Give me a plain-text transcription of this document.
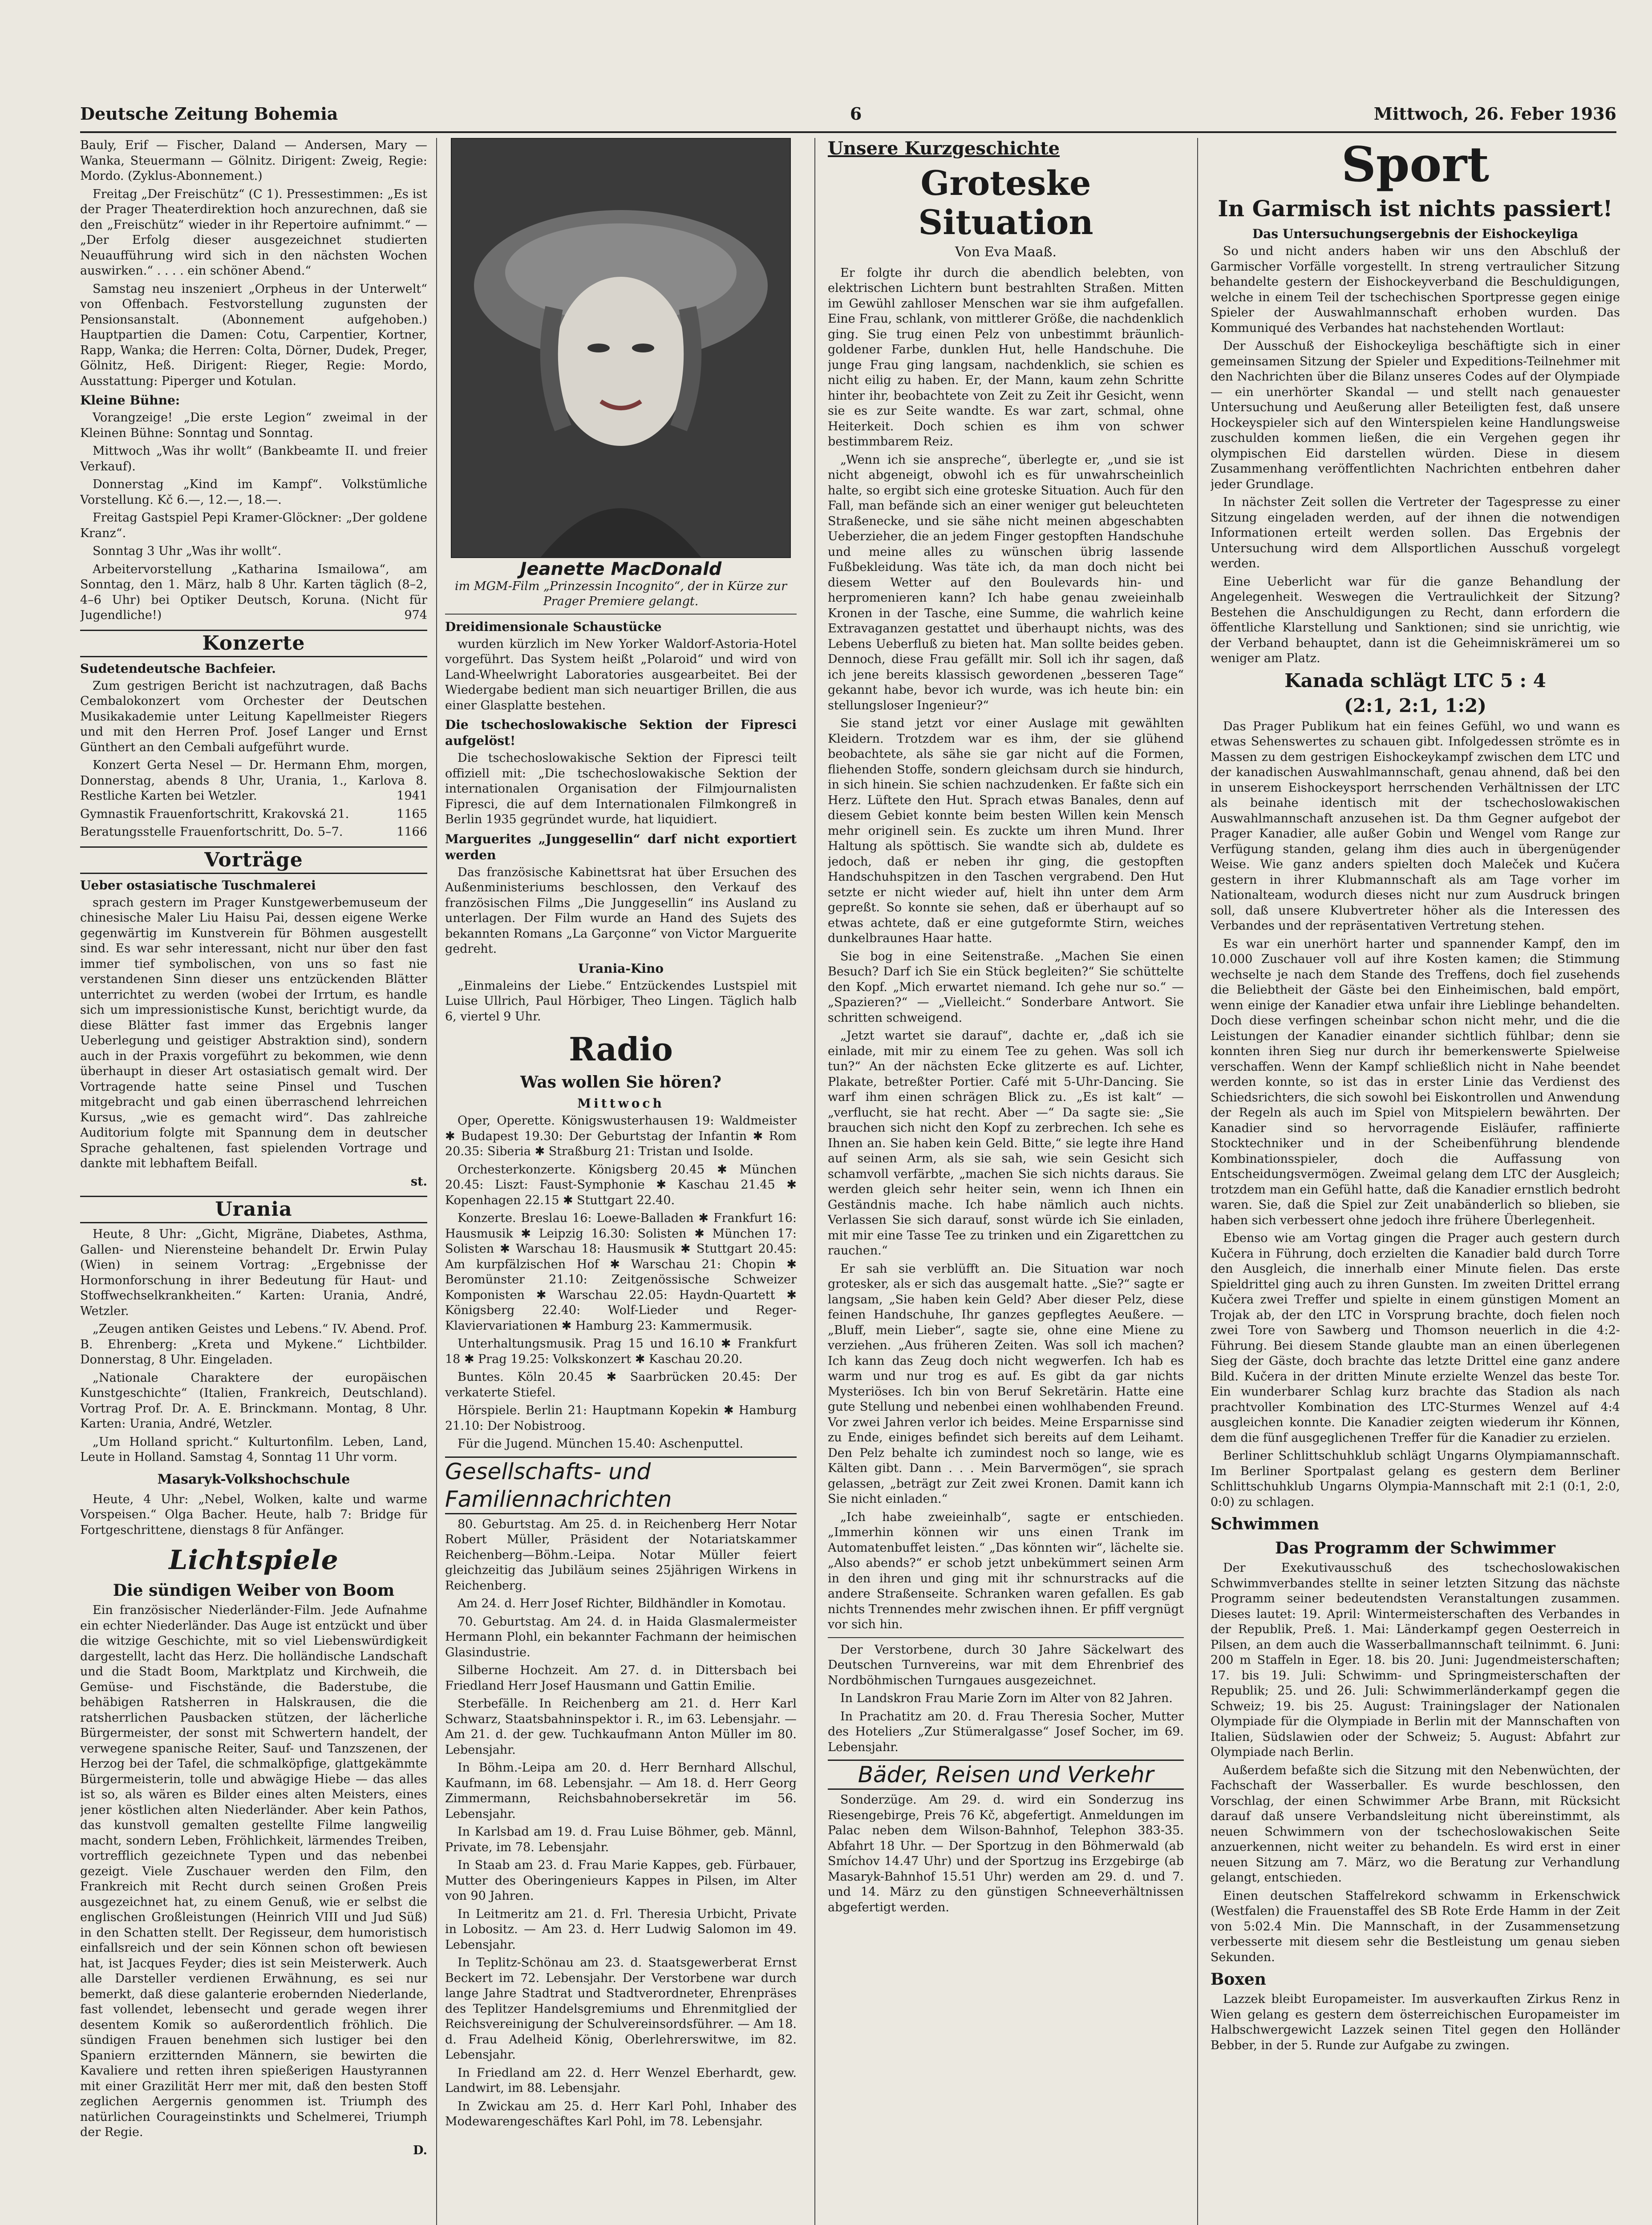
Deutsche Zeitung Bohemia	6	Mittwoch, 26. Feber 1936

Bauly, Erif — Fischer, Daland — Andersen, Mary — Wanka, Steuermann — Gölnitz. Dirigent: Zweig, Regie: Mordo. (Zyklus-Abonnement.)

Freitag „Der Freischütz“ (C 1). Pressestimmen: „Es ist der Prager Theaterdirektion hoch anzurechnen, daß sie den „Freischütz“ wieder in ihr Repertoire aufnimmt.“ — „Der Erfolg dieser ausgezeichnet studierten Neuaufführung wird sich in den nächsten Wochen auswirken.“ . . . . ein schöner Abend.“

Samstag neu inszeniert „Orpheus in der Unterwelt“ von Offenbach. Festvorstellung zugunsten der Pensionsanstalt. (Abonnement aufgehoben.) Hauptpartien die Damen: Cotu, Carpentier, Kortner, Rapp, Wanka; die Herren: Colta, Dörner, Dudek, Preger, Gölnitz, Heß. Dirigent: Rieger, Regie: Mordo, Ausstattung: Piperger und Kotulan.

Kleine Bühne:

Vorangzeige! „Die erste Legion“ zweimal in der Kleinen Bühne: Sonntag und Sonntag.

Mittwoch „Was ihr wollt“ (Bankbeamte II. und freier Verkauf).

Donnerstag „Kind im Kampf“. Volkstümliche Vorstellung. Kč 6.—, 12.—, 18.—.

Freitag Gastspiel Pepi Kramer-Glöckner: „Der goldene Kranz“.

Sonntag 3 Uhr „Was ihr wollt“.

Arbeitervorstellung „Katharina Ismailowa“, am Sonntag, den 1. März, halb 8 Uhr. Karten täglich (8–2, 4–6 Uhr) bei Optiker Deutsch, Koruna. (Nicht für Jugendliche!)	974

Konzerte
Sudetendeutsche Bachfeier.

Zum gestrigen Bericht ist nachzutragen, daß Bachs Cembalokonzert vom Orchester der Deutschen Musikakademie unter Leitung Kapellmeister Riegers und mit den Herren Prof. Josef Langer und Ernst Günthert an den Cembali aufgeführt wurde.

Konzert Gerta Nesel — Dr. Hermann Ehm, morgen, Donnerstag, abends 8 Uhr, Urania, 1., Karlova 8. Restliche Karten bei Wetzler.	1941

Gymnastik Frauenfortschritt, Krakovská 21.	1165

Beratungsstelle Frauenfortschritt, Do. 5–7.	1166

Vorträge
Ueber ostasiatische Tuschmalerei

sprach gestern im Prager Kunstgewerbemuseum der chinesische Maler Liu Haisu Pai, dessen eigene Werke gegenwärtig im Kunstverein für Böhmen ausgestellt sind. Es war sehr interessant, nicht nur über den fast immer tief symbolischen, von uns so fast nie verstandenen Sinn dieser uns entzückenden Blätter unterrichtet zu werden (wobei der Irrtum, es handle sich um impressionistische Kunst, berichtigt wurde, da diese Blätter fast immer das Ergebnis langer Ueberlegung und geistiger Abstraktion sind), sondern auch in der Praxis vorgeführt zu bekommen, wie denn überhaupt in dieser Art ostasiatisch gemalt wird. Der Vortragende hatte seine Pinsel und Tuschen mitgebracht und gab einen überraschend lehrreichen Kursus, „wie es gemacht wird“. Das zahlreiche Auditorium folgte mit Spannung dem in deutscher Sprache gehaltenen, fast spielenden Vortrage und dankte mit lebhaftem Beifall.

st.
Urania

Heute, 8 Uhr: „Gicht, Migräne, Diabetes, Asthma, Gallen- und Nierensteine behandelt Dr. Erwin Pulay (Wien) in seinem Vortrag: „Ergebnisse der Hormonforschung in ihrer Bedeutung für Haut- und Stoffwechselkrankheiten.“ Karten: Urania, André, Wetzler.

„Zeugen antiken Geistes und Lebens.“ IV. Abend. Prof. B. Ehrenberg: „Kreta und Mykene.“ Lichtbilder. Donnerstag, 8 Uhr. Eingeladen.

„Nationale Charaktere der europäischen Kunstgeschichte“ (Italien, Frankreich, Deutschland). Vortrag Prof. Dr. A. E. Brinckmann. Montag, 8 Uhr. Karten: Urania, André, Wetzler.

„Um Holland spricht.“ Kulturtonfilm. Leben, Land, Leute in Holland. Samstag 4, Sonntag 11 Uhr vorm.

Masaryk-Volkshochschule

Heute, 4 Uhr: „Nebel, Wolken, kalte und warme Vorspeisen.“ Olga Bacher. Heute, halb 7: Bridge für Fortgeschrittene, dienstags 8 für Anfänger.

Lichtspiele
Die sündigen Weiber von Boom

Ein französischer Niederländer-Film. Jede Aufnahme ein echter Niederländer. Das Auge ist entzückt und über die witzige Geschichte, mit so viel Liebenswürdigkeit dargestellt, lacht das Herz. Die holländische Landschaft und die Stadt Boom, Marktplatz und Kirchweih, die Gemüse- und Fischstände, die Baderstube, die behäbigen Ratsherren in Halskrausen, die die ratsherrlichen Pausbacken stützen, der lächerliche Bürgermeister, der sonst mit Schwertern handelt, der verwegene spanische Reiter, Sauf- und Tanzszenen, der Herzog bei der Tafel, die schmalköpfige, glattgekämmte Bürgermeisterin, tolle und abwägige Hiebe — das alles ist so, als wären es Bilder eines alten Meisters, eines jener köstlichen alten Niederländer. Aber kein Pathos, das kunstvoll gemalten gestellte Filme langweilig macht, sondern Leben, Fröhlichkeit, lärmendes Treiben, vortrefflich gezeichnete Typen und das nebenbei gezeigt. Viele Zuschauer werden den Film, den Frankreich mit Recht durch seinen Großen Preis ausgezeichnet hat, zu einem Genuß, wie er selbst die englischen Großleistungen (Heinrich VIII und Jud Süß) in den Schatten stellt. Der Regisseur, dem humoristisch einfallsreich und der sein Können schon oft bewiesen hat, ist Jacques Feyder; dies ist sein Meisterwerk. Auch alle Darsteller verdienen Erwähnung, es sei nur bemerkt, daß diese galanterie erobernden Niederlande, fast vollendet, lebensecht und gerade wegen ihrer desentem Komik so außerordentlich fröhlich. Die sündigen Frauen benehmen sich lustiger bei den Spaniern erzitternden Männern, sie bewirten die Kavaliere und retten ihren spießerigen Haustyrannen mit einer Grazilität Herr mer mit, daß den besten Stoff zeglichen Aergernis genommen ist. Triumph des natürlichen Courageinstinkts und Schelmerei, Triumph der Regie.

D.
Jeanette MacDonald
im MGM-Film „Prinzessin Incognito“, der in Kürze zur Prager Premiere gelangt.
Dreidimensionale Schaustücke

wurden kürzlich im New Yorker Waldorf-Astoria-Hotel vorgeführt. Das System heißt „Polaroid“ und wird von Land-Wheelwright Laboratories ausgearbeitet. Bei der Wiedergabe bedient man sich neuartiger Brillen, die aus einer Glasplatte bestehen.

Die tschechoslowakische Sektion der Fipresci aufgelöst!

Die tschechoslowakische Sektion der Fipresci teilt offiziell mit: „Die tschechoslowakische Sektion der internationalen Organisation der Filmjournalisten Fipresci, die auf dem Internationalen Filmkongreß in Berlin 1935 gegründet wurde, hat liquidiert.

Marguerites „Junggesellin“ darf nicht exportiert werden

Das französische Kabinettsrat hat über Ersuchen des Außenministeriums beschlossen, den Verkauf des französischen Films „Die Junggesellin“ ins Ausland zu unterlagen. Der Film wurde an Hand des Sujets des bekannten Romans „La Garçonne“ von Victor Marguerite gedreht.

Urania-Kino

„Einmaleins der Liebe.“ Entzückendes Lustspiel mit Luise Ullrich, Paul Hörbiger, Theo Lingen. Täglich halb 6, viertel 9 Uhr.

Radio
Was wollen Sie hören?
Mittwoch

Oper, Operette. Königswusterhausen 19: Waldmeister ✱ Budapest 19.30: Der Geburtstag der Infantin ✱ Rom 20.35: Siberia ✱ Straßburg 21: Tristan und Isolde.

Orchesterkonzerte. Königsberg 20.45 ✱ München 20.45: Liszt: Faust-Symphonie ✱ Kaschau 21.45 ✱ Kopenhagen 22.15 ✱ Stuttgart 22.40.

Konzerte. Breslau 16: Loewe-Balladen ✱ Frankfurt 16: Hausmusik ✱ Leipzig 16.30: Solisten ✱ München 17: Solisten ✱ Warschau 18: Hausmusik ✱ Stuttgart 20.45: Am kurpfälzischen Hof ✱ Warschau 21: Chopin ✱ Beromünster 21.10: Zeitgenössische Schweizer Komponisten ✱ Warschau 22.05: Haydn-Quartett ✱ Königsberg 22.40: Wolf-Lieder und Reger-Klaviervariationen ✱ Hamburg 23: Kammermusik.

Unterhaltungsmusik. Prag 15 und 16.10 ✱ Frankfurt 18 ✱ Prag 19.25: Volkskonzert ✱ Kaschau 20.20.

Buntes. Köln 20.45 ✱ Saarbrücken 20.45: Der verkaterte Stiefel.

Hörspiele. Berlin 21: Hauptmann Kopekin ✱ Hamburg 21.10: Der Nobistroog.

Für die Jugend. München 15.40: Aschenputtel.

Gesellschafts- und Familiennachrichten

80. Geburtstag. Am 25. d. in Reichenberg Herr Notar Robert Müller, Präsident der Notariatskammer Reichenberg—Böhm.-Leipa. Notar Müller feiert gleichzeitig das Jubiläum seines 25jährigen Wirkens in Reichenberg.

Am 24. d. Herr Josef Richter, Bildhändler in Komotau.

70. Geburtstag. Am 24. d. in Haida Glasmalermeister Hermann Plohl, ein bekannter Fachmann der heimischen Glasindustrie.

Silberne Hochzeit. Am 27. d. in Dittersbach bei Friedland Herr Josef Hausmann und Gattin Emilie.

Sterbefälle. In Reichenberg am 21. d. Herr Karl Schwarz, Staatsbahninspektor i. R., im 63. Lebensjahr. — Am 21. d. der gew. Tuchkaufmann Anton Müller im 80. Lebensjahr.

In Böhm.-Leipa am 20. d. Herr Bernhard Allschul, Kaufmann, im 68. Lebensjahr. — Am 18. d. Herr Georg Zimmermann, Reichsbahnobersekretär im 56. Lebensjahr.

In Karlsbad am 19. d. Frau Luise Böhmer, geb. Männl, Private, im 78. Lebensjahr.

In Staab am 23. d. Frau Marie Kappes, geb. Fürbauer, Mutter des Oberingenieurs Kappes in Pilsen, im Alter von 90 Jahren.

In Leitmeritz am 21. d. Frl. Theresia Urbicht, Private in Lobositz. — Am 23. d. Herr Ludwig Salomon im 49. Lebensjahr.

In Teplitz-Schönau am 23. d. Staatsgewerberat Ernst Beckert im 72. Lebensjahr. Der Verstorbene war durch lange Jahre Stadtrat und Stadtverordneter, Ehrenpräses des Teplitzer Handelsgremiums und Ehrenmitglied der Reichsvereinigung der Schulvereinsordsführer. — Am 18. d. Frau Adelheid König, Oberlehrerswitwe, im 82. Lebensjahr.

In Friedland am 22. d. Herr Wenzel Eberhardt, gew. Landwirt, im 88. Lebensjahr.

In Zwickau am 25. d. Herr Karl Pohl, Inhaber des Modewarengeschäftes Karl Pohl, im 78. Lebensjahr.

Unsere Kurzgeschichte
Groteske Situation
Von Eva Maaß.

Er folgte ihr durch die abendlich belebten, von elektrischen Lichtern bunt bestrahlten Straßen. Mitten im Gewühl zahlloser Menschen war sie ihm aufgefallen. Eine Frau, schlank, von mittlerer Größe, die nachdenklich ging. Sie trug einen Pelz von unbestimmt bräunlich-goldener Farbe, dunklen Hut, helle Handschuhe. Die junge Frau ging langsam, nachdenklich, sie schien es nicht eilig zu haben. Er, der Mann, kaum zehn Schritte hinter ihr, beobachtete von Zeit zu Zeit ihr Gesicht, wenn sie es zur Seite wandte. Es war zart, schmal, ohne Heiterkeit. Doch schien es ihm von schwer bestimmbarem Reiz.

„Wenn ich sie anspreche“, überlegte er, „und sie ist nicht abgeneigt, obwohl ich es für unwahrscheinlich halte, so ergibt sich eine groteske Situation. Auch für den Fall, man befände sich an einer weniger gut beleuchteten Straßenecke, und sie sähe nicht meinen abgeschabten Ueberzieher, die an jedem Finger gestopften Handschuhe und meine alles zu wünschen übrig lassende Fußbekleidung. Was täte ich, da man doch nicht bei diesem Wetter auf den Boulevards hin- und herpromenieren kann? Ich habe genau zweieinhalb Kronen in der Tasche, eine Summe, die wahrlich keine Extravaganzen gestattet und überhaupt nichts, was des Lebens Ueberfluß zu bieten hat. Man sollte beides geben. Dennoch, diese Frau gefällt mir. Soll ich ihr sagen, daß ich jene bereits klassisch gewordenen „besseren Tage“ gekannt habe, bevor ich wurde, was ich heute bin: ein stellungsloser Ingenieur?“

Sie stand jetzt vor einer Auslage mit gewählten Kleidern. Trotzdem war es ihm, der sie glühend beobachtete, als sähe sie gar nicht auf die Formen, fliehenden Stoffe, sondern gleichsam durch sie hindurch, in sich hinein. Sie schien nachzudenken. Er faßte sich ein Herz. Lüftete den Hut. Sprach etwas Banales, denn auf diesem Gebiet konnte beim besten Willen kein Mensch mehr originell sein. Es zuckte um ihren Mund. Ihrer Haltung als spöttisch. Sie wandte sich ab, duldete es jedoch, daß er neben ihr ging, die gestopften Handschuhspitzen in den Taschen vergrabend. Den Hut setzte er nicht wieder auf, hielt ihn unter dem Arm gepreßt. So konnte sie sehen, daß er überhaupt auf so etwas achtete, daß er eine gutgeformte Stirn, weiches dunkelbraunes Haar hatte.

Sie bog in eine Seitenstraße. „Machen Sie einen Besuch? Darf ich Sie ein Stück begleiten?“ Sie schüttelte den Kopf. „Mich erwartet niemand. Ich gehe nur so.“ — „Spazieren?“ — „Vielleicht.“ Sonderbare Antwort. Sie schritten schweigend.

„Jetzt wartet sie darauf“, dachte er, „daß ich sie einlade, mit mir zu einem Tee zu gehen. Was soll ich tun?“ An der nächsten Ecke glitzerte es auf. Lichter, Plakate, betreßter Portier. Café mit 5-Uhr-Dancing. Sie warf ihm einen schrägen Blick zu. „Es ist kalt“ — „verflucht, sie hat recht. Aber —“ Da sagte sie: „Sie brauchen sich nicht den Kopf zu zerbrechen. Ich sehe es Ihnen an. Sie haben kein Geld. Bitte,“ sie legte ihre Hand auf seinen Arm, als sie sah, wie sein Gesicht sich schamvoll verfärbte, „machen Sie sich nichts daraus. Sie werden gleich sehr heiter sein, wenn ich Ihnen ein Geständnis mache. Ich habe nämlich auch nichts. Verlassen Sie sich darauf, sonst würde ich Sie einladen, mit mir eine Tasse Tee zu trinken und ein Zigarettchen zu rauchen.“

Er sah sie verblüfft an. Die Situation war noch grotesker, als er sich das ausgemalt hatte. „Sie?“ sagte er langsam, „Sie haben kein Geld? Aber dieser Pelz, diese feinen Handschuhe, Ihr ganzes gepflegtes Aeußere. — „Bluff, mein Lieber“, sagte sie, ohne eine Miene zu verziehen. „Aus früheren Zeiten. Was soll ich machen? Ich kann das Zeug doch nicht wegwerfen. Ich hab es warm und nur trog es auf. Es gibt da gar nichts Mysteriöses. Ich bin von Beruf Sekretärin. Hatte eine gute Stellung und nebenbei einen wohlhabenden Freund. Vor zwei Jahren verlor ich beides. Meine Ersparnisse sind zu Ende, einiges befindet sich bereits auf dem Leihamt. Den Pelz behalte ich zumindest noch so lange, wie es Kälten gibt. Dann . . . Mein Barvermögen“, sie sprach gelassen, „beträgt zur Zeit zwei Kronen. Damit kann ich Sie nicht einladen.“

„Ich habe zweieinhalb“, sagte er entschieden. „Immerhin können wir uns einen Trank im Automatenbuffet leisten.“ „Das könnten wir“, lächelte sie. „Also abends?“ er schob jetzt unbekümmert seinen Arm in den ihren und ging mit ihr schnurstracks auf die andere Straßenseite. Schranken waren gefallen. Es gab nichts Trennendes mehr zwischen ihnen. Er pfiff vergnügt vor sich hin.

Der Verstorbene, durch 30 Jahre Säckelwart des Deutschen Turnvereins, war mit dem Ehrenbrief des Nordböhmischen Turngaues ausgezeichnet.

In Landskron Frau Marie Zorn im Alter von 82 Jahren.

In Prachatitz am 20. d. Frau Theresia Socher, Mutter des Hoteliers „Zur Stümeralgasse“ Josef Socher, im 69. Lebensjahr.

Bäder, Reisen und Verkehr

Sonderzüge. Am 29. d. wird ein Sonderzug ins Riesengebirge, Preis 76 Kč, abgefertigt. Anmeldungen im Palac neben dem Wilson-Bahnhof, Telephon 383-35. Abfahrt 18 Uhr. — Der Sportzug in den Böhmerwald (ab Smíchov 14.47 Uhr) und der Sportzug ins Erzgebirge (ab Masaryk-Bahnhof 15.51 Uhr) werden am 29. d. und 7. und 14. März zu den günstigen Schneeverhältnissen abgefertigt werden.

Sport
In Garmisch ist nichts passiert!
Das Untersuchungsergebnis der Eishockeyliga

So und nicht anders haben wir uns den Abschluß der Garmischer Vorfälle vorgestellt. In streng vertraulicher Sitzung behandelte gestern der Eishockeyverband die Beschuldigungen, welche in einem Teil der tschechischen Sportpresse gegen einige Spieler der Auswahlmannschaft erhoben wurden. Das Kommuniqué des Verbandes hat nachstehenden Wortlaut:

Der Ausschuß der Eishockeyliga beschäftigte sich in einer gemeinsamen Sitzung der Spieler und Expeditions-Teilnehmer mit den Nachrichten über die Bilanz unseres Codes auf der Olympiade — ein unerhörter Skandal — und stellt nach genauester Untersuchung und Aeußerung aller Beteiligten fest, daß unsere Hockeyspieler sich auf den Winterspielen keine Handlungsweise zuschulden kommen ließen, die ein Vergehen gegen ihr olympischen Eid darstellen würden. Diese in diesem Zusammenhang veröffentlichten Nachrichten entbehren daher jeder Grundlage.

In nächster Zeit sollen die Vertreter der Tagespresse zu einer Sitzung eingeladen werden, auf der ihnen die notwendigen Informationen erteilt werden sollen. Das Ergebnis der Untersuchung wird dem Allsportlichen Ausschuß vorgelegt werden.

Eine Ueberlicht war für die ganze Behandlung der Angelegenheit. Weswegen die Vertraulichkeit der Sitzung? Bestehen die Anschuldigungen zu Recht, dann erfordern die öffentliche Klarstellung und Sanktionen; sind sie unrichtig, wie der Verband behauptet, dann ist die Geheimniskrämerei um so weniger am Platz.

Kanada schlägt LTC 5 : 4
(2:1, 2:1, 1:2)

Das Prager Publikum hat ein feines Gefühl, wo und wann es etwas Sehenswertes zu schauen gibt. Infolgedessen strömte es in Massen zu dem gestrigen Eishockeykampf zwischen dem LTC und der kanadischen Auswahlmannschaft, genau ahnend, daß bei den in unserem Eishockeysport herrschenden Verhältnissen der LTC als beinahe identisch mit der tschechoslowakischen Auswahlmannschaft anzusehen ist. Da thm Gegner aufgebot der Prager Kanadier, alle außer Gobin und Wengel vom Range zur Verfügung standen, gelang ihm dies auch in übergenügender Weise. Wie ganz anders spielten doch Maleček und Kučera gestern in ihrer Klubmannschaft als am Tage vorher im Nationalteam, wodurch dieses nicht nur zum Ausdruck bringen soll, daß unsere Klubvertreter höher als die Interessen des Verbandes und der repräsentativen Vertretung stehen.

Es war ein unerhört harter und spannender Kampf, den im 10.000 Zuschauer voll auf ihre Kosten kamen; die Stimmung wechselte je nach dem Stande des Treffens, doch fiel zusehends die Beliebtheit der Gäste bei den Einheimischen, bald empört, wenn einige der Kanadier etwa unfair ihre Lieblinge behandelten. Doch diese verfingen scheinbar schon nicht mehr, und die die Leistungen der Kanadier einander sichtlich fühlbar; denn sie konnten ihren Sieg nur durch ihr bemerkenswerte Spielweise verschaffen. Wenn der Kampf schließlich nicht in Nahe beendet werden konnte, so ist das in erster Linie das Verdienst des Schiedsrichters, die sich sowohl bei Eiskontrollen und Anwendung der Regeln als auch im Spiel von Mitspielern bewährten. Der Kanadier sind so hervorragende Eisläufer, raffinierte Stocktechniker und in der Scheibenführung blendende Kombinationsspieler, doch die Auffassung von Entscheidungsvermögen. Zweimal gelang dem LTC der Ausgleich; trotzdem man ein Gefühl hatte, daß die Kanadier ernstlich bedroht waren. Sie, daß die Spiel zur Zeit unabänderlich so blieben, sie haben sich verbessert ohne jedoch ihre frühere Überlegenheit.

Ebenso wie am Vortag gingen die Prager auch gestern durch Kučera in Führung, doch erzielten die Kanadier bald durch Torre den Ausgleich, die innerhalb einer Minute fielen. Das erste Spieldrittel ging auch zu ihren Gunsten. Im zweiten Drittel errang Kučera zwei Treffer und spielte in einem günstigen Moment an Trojak ab, der den LTC in Vorsprung brachte, doch fielen noch zwei Tore von Sawberg und Thomson neuerlich in die 4:2-Führung. Bei diesem Stande glaubte man an einen überlegenen Sieg der Gäste, doch brachte das letzte Drittel eine ganz andere Bild. Kučera in der dritten Minute erzielte Wenzel das beste Tor. Ein wunderbarer Schlag kurz brachte das Stadion als nach prachtvoller Kombination des LTC-Sturmes Wenzel auf 4:4 ausgleichen konnte. Die Kanadier zeigten wiederum ihr Können, dem die fünf ausgeglichenen Treffer für die Kanadier zu erzielen.

Berliner Schlittschuhklub schlägt Ungarns Olympiamannschaft. Im Berliner Sportpalast gelang es gestern dem Berliner Schlittschuhklub Ungarns Olympia-Mannschaft mit 2:1 (0:1, 2:0, 0:0) zu schlagen.

Schwimmen
Das Programm der Schwimmer

Der Exekutivausschuß des tschechoslowakischen Schwimmverbandes stellte in seiner letzten Sitzung das nächste Programm seiner bedeutendsten Veranstaltungen zusammen. Dieses lautet: 19. April: Wintermeisterschaften des Verbandes in der Republik, Preß. 1. Mai: Länderkampf gegen Oesterreich in Pilsen, an dem auch die Wasserballmannschaft teilnimmt. 6. Juni: 200 m Staffeln in Eger. 18. bis 20. Juni: Jugendmeisterschaften; 17. bis 19. Juli: Schwimm- und Springmeisterschaften der Republik; 25. und 26. Juli: Schwimmerländerkampf gegen die Schweiz; 19. bis 25. August: Trainingslager der Nationalen Olympiade für die Olympiade in Berlin mit der Mannschaften von Italien, Südslawien oder der Schweiz; 5. August: Abfahrt zur Olympiade nach Berlin.

Außerdem befaßte sich die Sitzung mit den Nebenwüchten, der Fachschaft der Wasserballer. Es wurde beschlossen, den Vorschlag, der einen Schwimmer Arbe Brann, mit Rücksicht darauf daß unsere Verbandsleitung nicht übereinstimmt, als neuen Schwimmern von der tschechoslowakischen Seite anzuerkennen, nicht weiter zu behandeln. Es wird erst in einer neuen Sitzung am 7. März, wo die Beratung zur Verhandlung gelangt, entschieden.

Einen deutschen Staffelrekord schwamm in Erkenschwick (Westfalen) die Frauenstaffel des SB Rote Erde Hamm in der Zeit von 5:02.4 Min. Die Mannschaft, in der Zusammensetzung verbesserte mit diesem sehr die Bestleistung um genau sieben Sekunden.

Boxen

Lazzek bleibt Europameister. Im ausverkauften Zirkus Renz in Wien gelang es gestern dem österreichischen Europameister im Halbschwergewicht Lazzek seinen Titel gegen den Holländer Bebber, in der 5. Runde zur Aufgabe zu zwingen.
